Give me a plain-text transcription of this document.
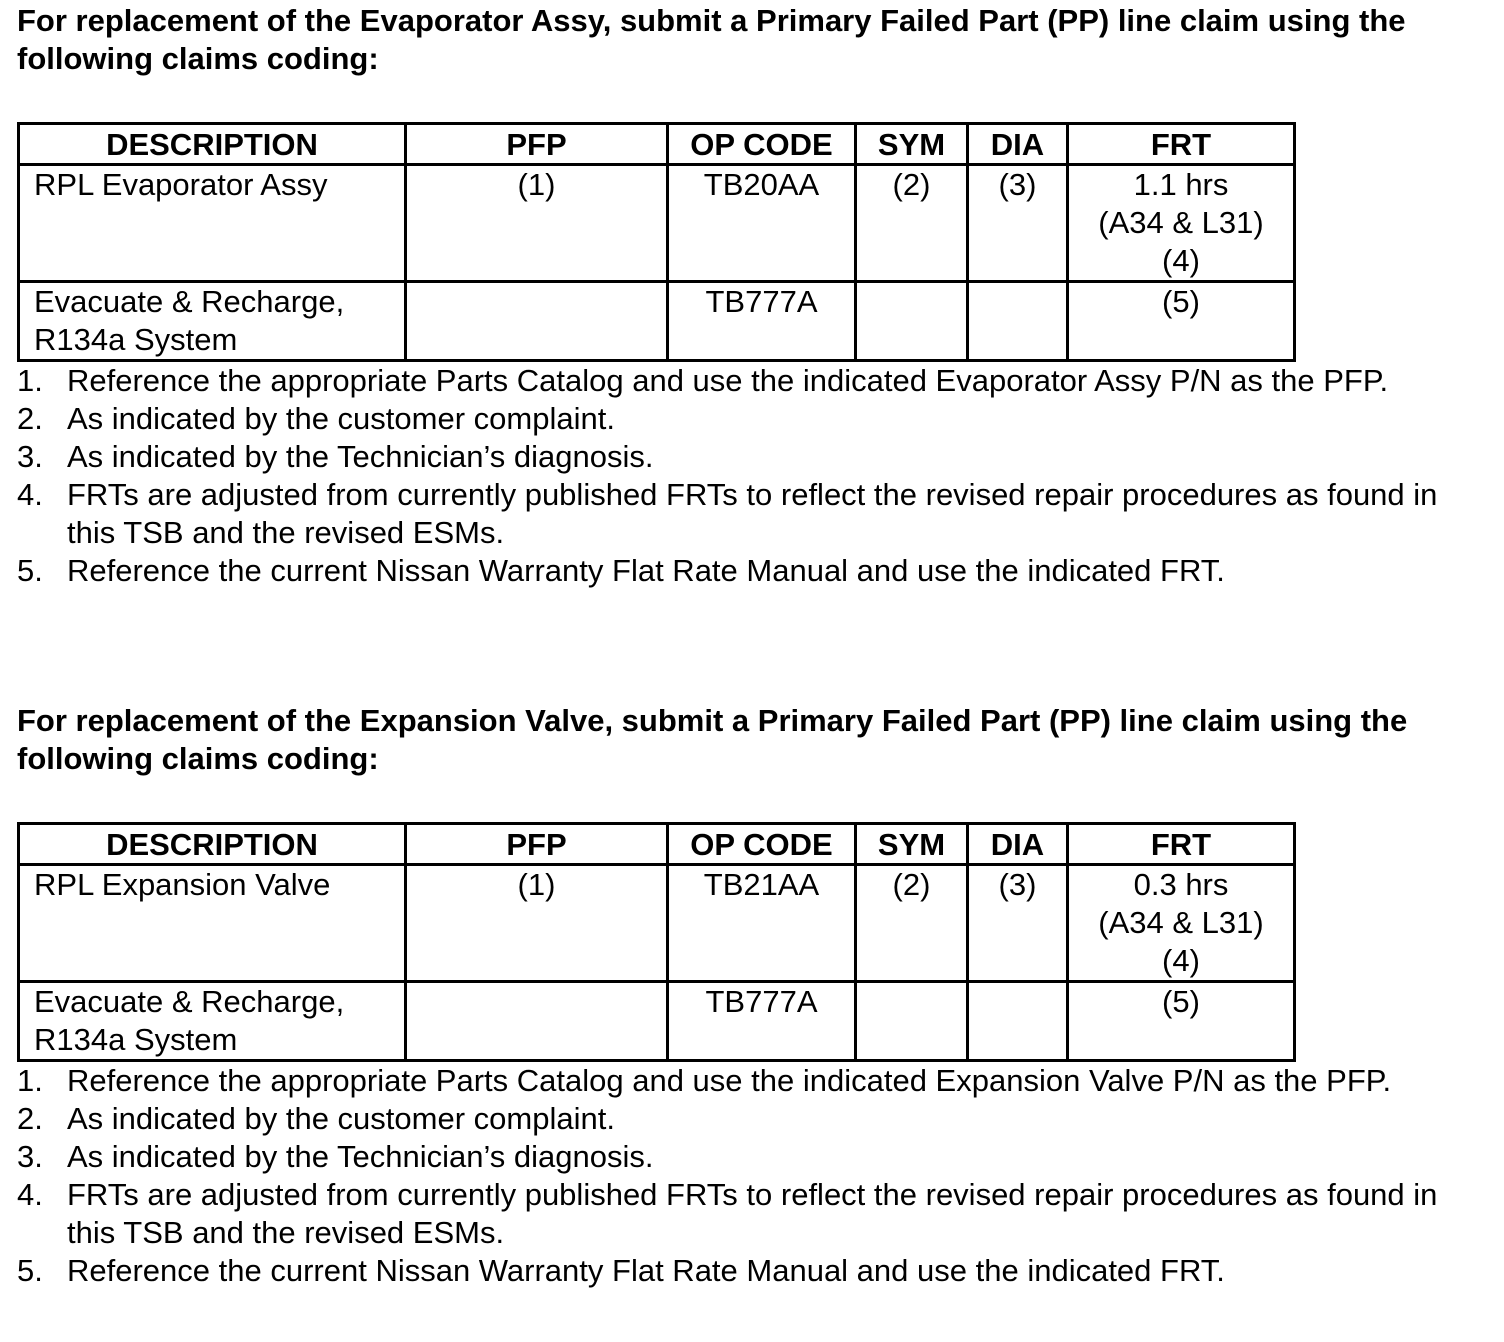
For replacement of the Evaporator Assy, submit a Primary Failed Part (PP) line claim using the following claims coding:

DESCRIPTION	PFP	OP CODE	SYM	DIA	FRT
RPL Evaporator Assy	(1)	TB20AA	(2)	(3)	1.1 hrs
(A34 & L31)
(4)

Evacuate & Recharge, R134a System		TB777A			(5)
1. Reference the appropriate Parts Catalog and use the indicated Evaporator Assy P/N as the PFP.
2. As indicated by the customer complaint.
3. As indicated by the Technician’s diagnosis.
4. FRTs are adjusted from currently published FRTs to reflect the revised repair procedures as found in this TSB and the revised ESMs.
5. Reference the current Nissan Warranty Flat Rate Manual and use the indicated FRT.

For replacement of the Expansion Valve, submit a Primary Failed Part (PP) line claim using the following claims coding:

DESCRIPTION	PFP	OP CODE	SYM	DIA	FRT
RPL Expansion Valve	(1)	TB21AA	(2)	(3)	0.3 hrs
(A34 & L31)
(4)

Evacuate & Recharge, R134a System		TB777A			(5)
1. Reference the appropriate Parts Catalog and use the indicated Expansion Valve P/N as the PFP.
2. As indicated by the customer complaint.
3. As indicated by the Technician’s diagnosis.
4. FRTs are adjusted from currently published FRTs to reflect the revised repair procedures as found in this TSB and the revised ESMs.
5. Reference the current Nissan Warranty Flat Rate Manual and use the indicated FRT.
